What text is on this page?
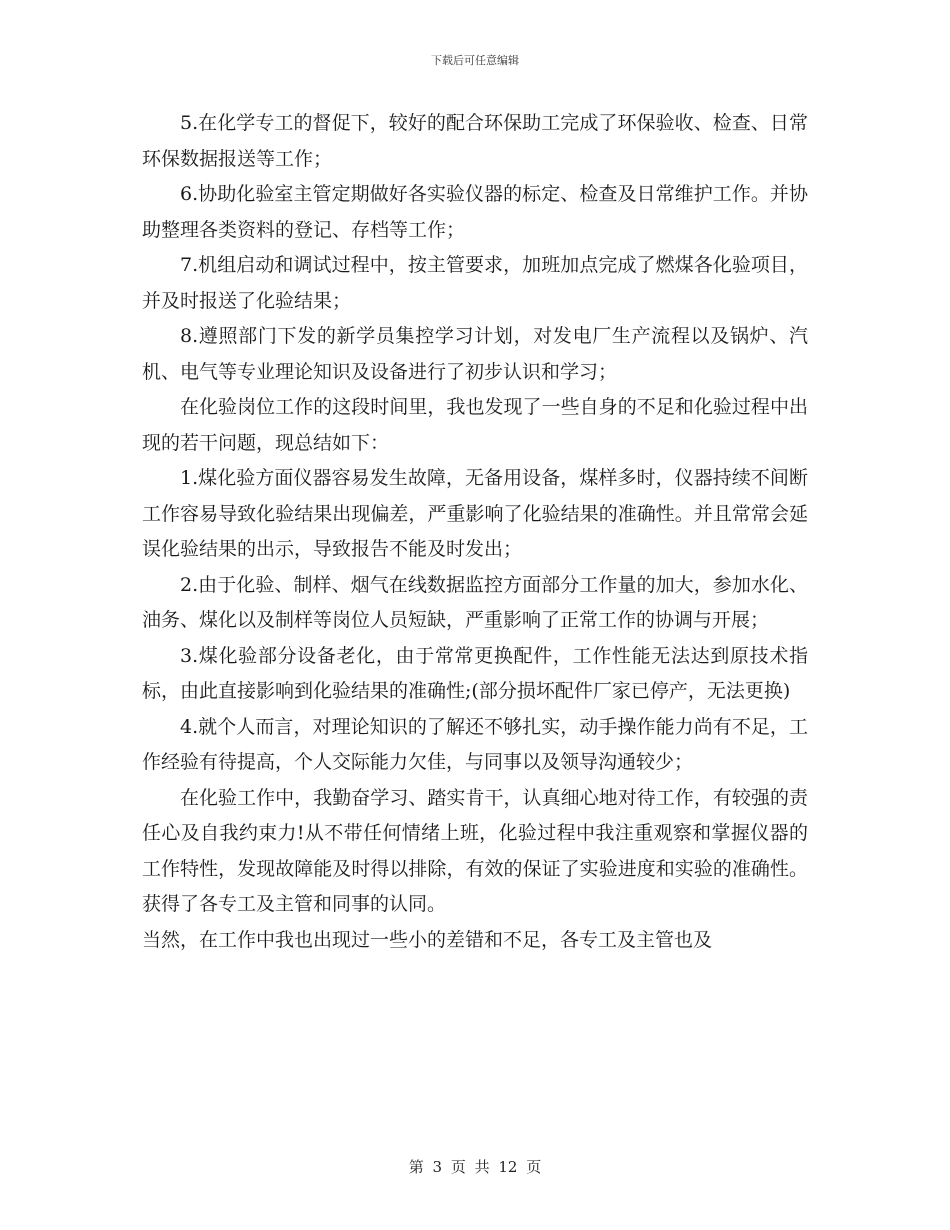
下载后可任意编辑

5.在化学专工的督促下，较好的配合环保助工完成了环保验收、检查、日常环保数据报送等工作；

6.协助化验室主管定期做好各实验仪器的标定、检查及日常维护工作。并协助整理各类资料的登记、存档等工作；

7.机组启动和调试过程中，按主管要求，加班加点完成了燃煤各化验项目，并及时报送了化验结果；

8.遵照部门下发的新学员集控学习计划，对发电厂生产流程以及锅炉、汽机、电气等专业理论知识及设备进行了初步认识和学习；

在化验岗位工作的这段时间里，我也发现了一些自身的不足和化验过程中出现的若干问题，现总结如下：

1.煤化验方面仪器容易发生故障，无备用设备，煤样多时，仪器持续不间断工作容易导致化验结果出现偏差，严重影响了化验结果的准确性。并且常常会延误化验结果的出示，导致报告不能及时发出；

2.由于化验、制样、烟气在线数据监控方面部分工作量的加大，参加水化、油务、煤化以及制样等岗位人员短缺，严重影响了正常工作的协调与开展；

3.煤化验部分设备老化，由于常常更换配件，工作性能无法达到原技术指标，由此直接影响到化验结果的准确性;(部分损坏配件厂家已停产，无法更换)

4.就个人而言，对理论知识的了解还不够扎实，动手操作能力尚有不足，工作经验有待提高，个人交际能力欠佳，与同事以及领导沟通较少；

在化验工作中，我勤奋学习、踏实肯干，认真细心地对待工作，有较强的责任心及自我约束力!从不带任何情绪上班，化验过程中我注重观察和掌握仪器的工作特性，发现故障能及时得以排除，有效的保证了实验进度和实验的准确性。获得了各专工及主管和同事的认同。

当然，在工作中我也出现过一些小的差错和不足，各专工及主管也及

第 3 页 共 12 页
